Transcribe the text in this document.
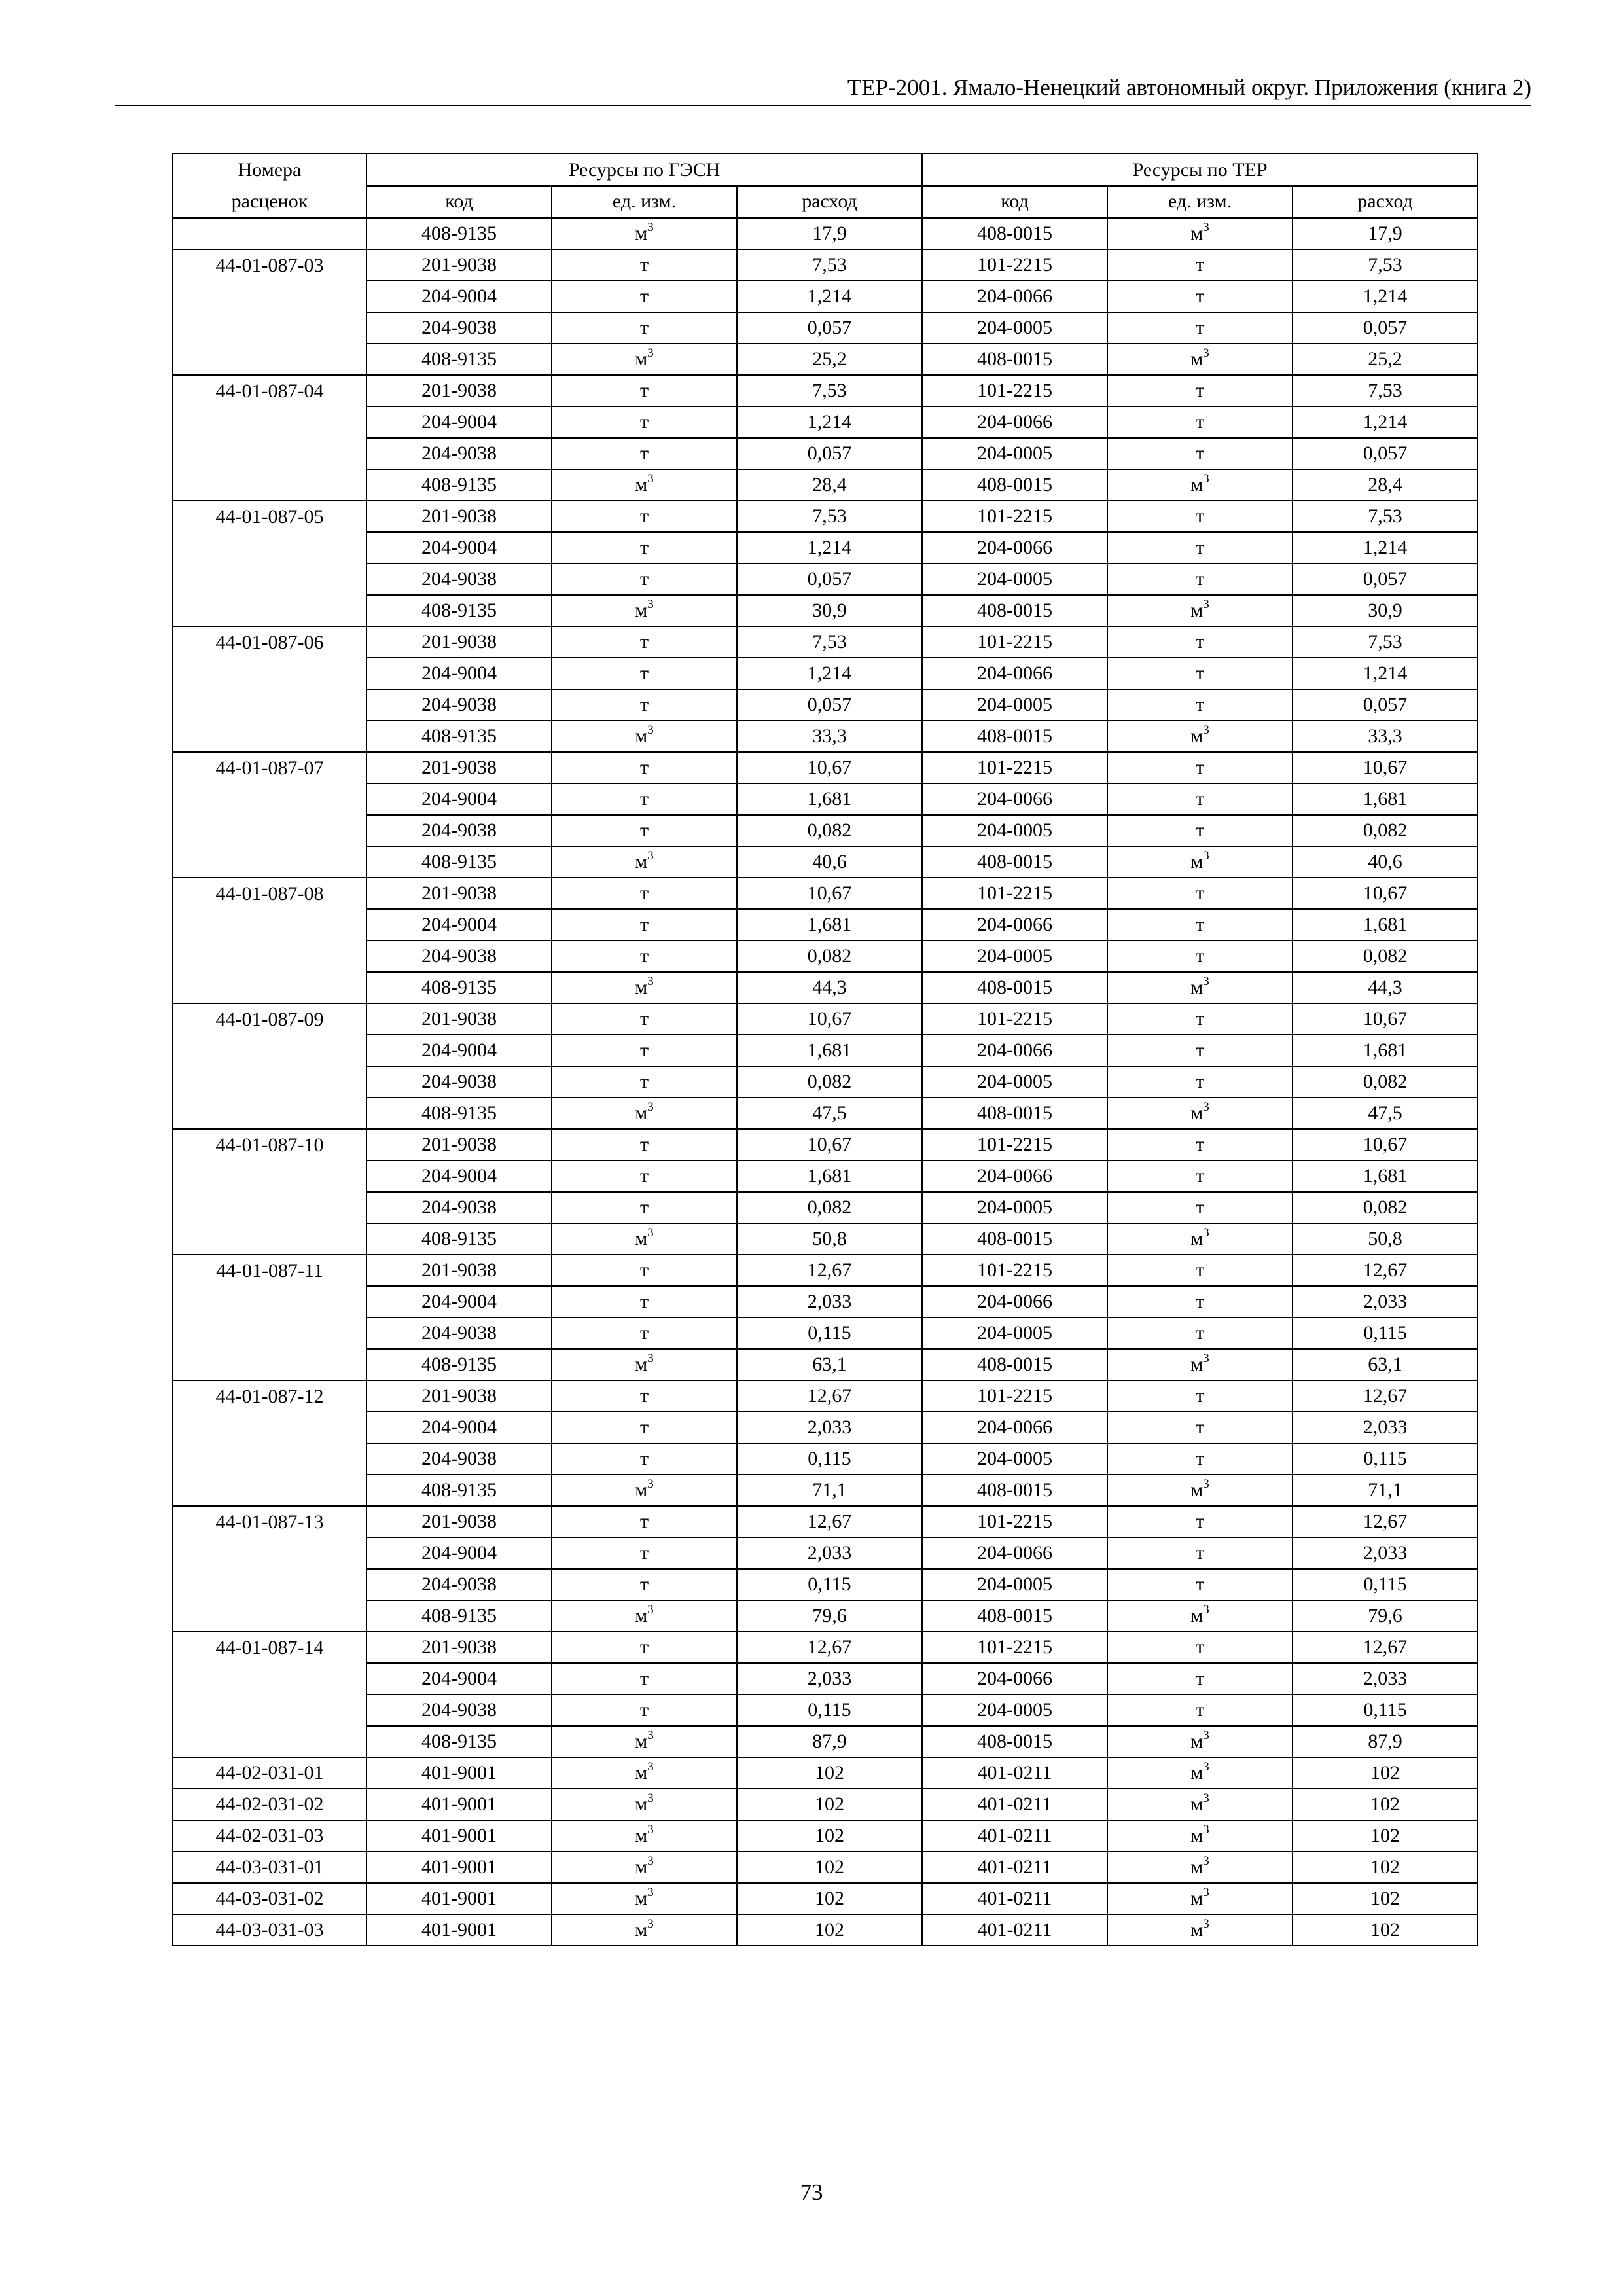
ТЕР-2001. Ямало-Ненецкий автономный округ. Приложения (книга 2)
Номера	Ресурсы по ГЭСН			Ресурсы по ТЕР		
расценок	код	ед. изм.	расход	код	ед. изм.	расход
	408-9135	$м^3$	17,9	408-0015	$м^3$	17,9
44-01-087-03	201-9038	т	7,53	101-2215	т	7,53
	204-9004	т	1,214	204-0066	т	1,214
	204-9038	т	0,057	204-0005	т	0,057
	408-9135	$м^3$	25,2	408-0015	$м^3$	25,2
44-01-087-04	201-9038	т	7,53	101-2215	т	7,53
	204-9004	т	1,214	204-0066	т	1,214
	204-9038	т	0,057	204-0005	т	0,057
	408-9135	$м^3$	28,4	408-0015	$м^3$	28,4
44-01-087-05	201-9038	т	7,53	101-2215	т	7,53
	204-9004	т	1,214	204-0066	т	1,214
	204-9038	т	0,057	204-0005	т	0,057
	408-9135	$м^3$	30,9	408-0015	$м^3$	30,9
44-01-087-06	201-9038	т	7,53	101-2215	т	7,53
	204-9004	т	1,214	204-0066	т	1,214
	204-9038	т	0,057	204-0005	т	0,057
	408-9135	$м^3$	33,3	408-0015	$м^3$	33,3
44-01-087-07	201-9038	т	10,67	101-2215	т	10,67
	204-9004	т	1,681	204-0066	т	1,681
	204-9038	т	0,082	204-0005	т	0,082
	408-9135	$м^3$	40,6	408-0015	$м^3$	40,6
44-01-087-08	201-9038	т	10,67	101-2215	т	10,67
	204-9004	т	1,681	204-0066	т	1,681
	204-9038	т	0,082	204-0005	т	0,082
	408-9135	$м^3$	44,3	408-0015	$м^3$	44,3
44-01-087-09	201-9038	т	10,67	101-2215	т	10,67
	204-9004	т	1,681	204-0066	т	1,681
	204-9038	т	0,082	204-0005	т	0,082
	408-9135	$м^3$	47,5	408-0015	$м^3$	47,5
44-01-087-10	201-9038	т	10,67	101-2215	т	10,67
	204-9004	т	1,681	204-0066	т	1,681
	204-9038	т	0,082	204-0005	т	0,082
	408-9135	$м^3$	50,8	408-0015	$м^3$	50,8
44-01-087-11	201-9038	т	12,67	101-2215	т	12,67
	204-9004	т	2,033	204-0066	т	2,033
	204-9038	т	0,115	204-0005	т	0,115
	408-9135	$м^3$	63,1	408-0015	$м^3$	63,1
44-01-087-12	201-9038	т	12,67	101-2215	т	12,67
	204-9004	т	2,033	204-0066	т	2,033
	204-9038	т	0,115	204-0005	т	0,115
	408-9135	$м^3$	71,1	408-0015	$м^3$	71,1
44-01-087-13	201-9038	т	12,67	101-2215	т	12,67
	204-9004	т	2,033	204-0066	т	2,033
	204-9038	т	0,115	204-0005	т	0,115
	408-9135	$м^3$	79,6	408-0015	$м^3$	79,6
44-01-087-14	201-9038	т	12,67	101-2215	т	12,67
	204-9004	т	2,033	204-0066	т	2,033
	204-9038	т	0,115	204-0005	т	0,115
	408-9135	$м^3$	87,9	408-0015	$м^3$	87,9
44-02-031-01	401-9001	$м^3$	102	401-0211	$м^3$	102
44-02-031-02	401-9001	$м^3$	102	401-0211	$м^3$	102
44-02-031-03	401-9001	$м^3$	102	401-0211	$м^3$	102
44-03-031-01	401-9001	$м^3$	102	401-0211	$м^3$	102
44-03-031-02	401-9001	$м^3$	102	401-0211	$м^3$	102
44-03-031-03	401-9001	$м^3$	102	401-0211	$м^3$	102
73
